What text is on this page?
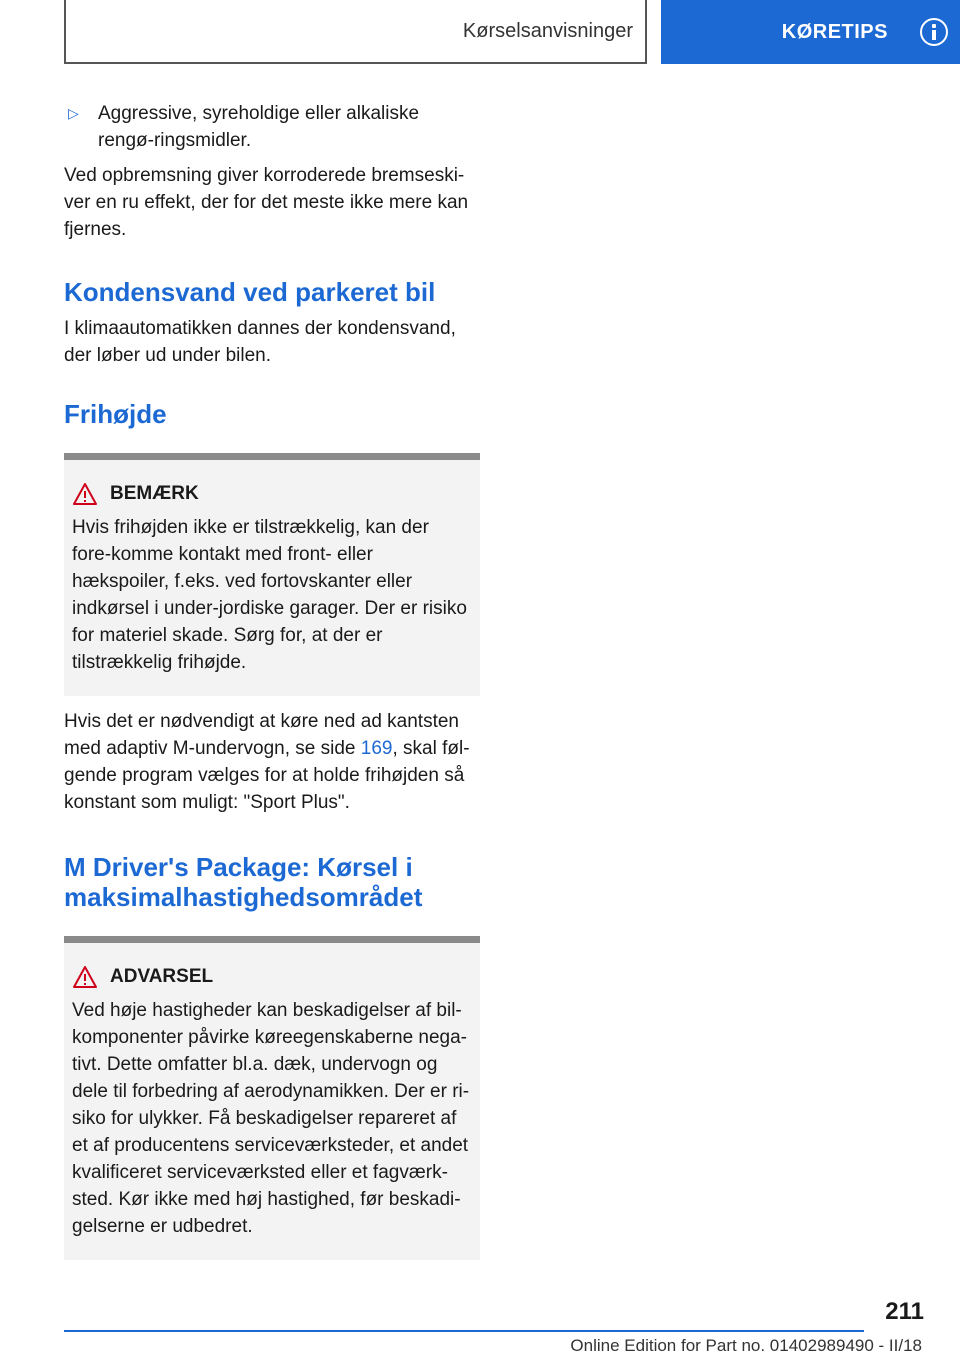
Kørselsanvisninger	KØRETIPS
▷	Aggressive, syreholdige eller alkaliske rengø-ringsmidler.

Ved opbremsning giver korroderede bremseski-ver en ru effekt, der for det meste ikke mere kan fjernes.

Kondensvand ved parkeret bil

I klimaautomatikken dannes der kondensvand, der løber ud under bilen.

Frihøjde
BEMÆRK

Hvis frihøjden ikke er tilstrækkelig, kan der fore-komme kontakt med front- eller hækspoiler, f.eks. ved fortovskanter eller indkørsel i under-jordiske garager. Der er risiko for materiel skade. Sørg for, at der er tilstrækkelig frihøjde.

Hvis det er nødvendigt at køre ned ad kantsten med adaptiv M-undervogn, se side 169, skal føl-gende program vælges for at holde frihøjden så konstant som muligt: "Sport Plus".

M Driver's Package: Kørsel i maksimalhastighedsområdet
ADVARSEL

Ved høje hastigheder kan beskadigelser af bil-komponenter påvirke køreegenskaberne nega-tivt. Dette omfatter bl.a. dæk, undervogn og dele til forbedring af aerodynamikken. Der er ri-siko for ulykker. Få beskadigelser repareret af et af producentens serviceværksteder, et andet kvalificeret serviceværksted eller et fagværk-sted. Kør ikke med høj hastighed, før beskadi-gelserne er udbedret.

211
Online Edition for Part no. 01402989490 - II/18
